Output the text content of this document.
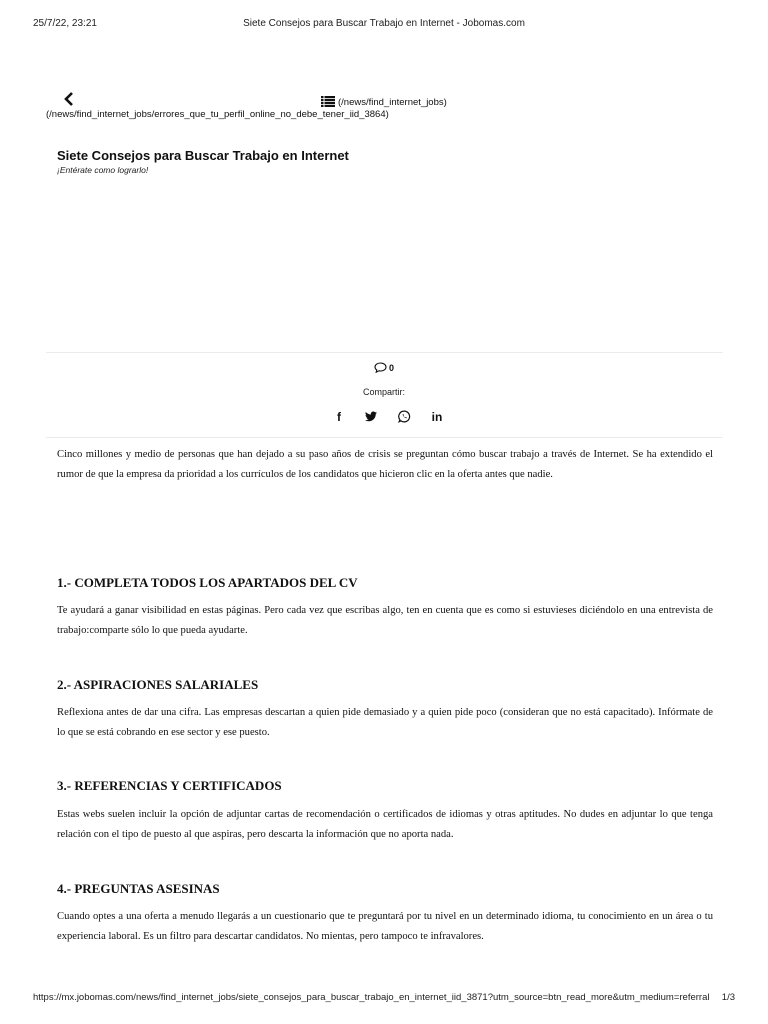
25/7/22, 23:21	Siete Consejos para Buscar Trabajo en Internet - Jobomas.com
(/news/find_internet_jobs/errores_que_tu_perfil_online_no_debe_tener_iid_3864)
(/news/find_internet_jobs)
Siete Consejos para Buscar Trabajo en Internet

¡Entérate como lograrlo!

0
Compartir:
f	in

Cinco millones y medio de personas que han dejado a su paso años de crisis se preguntan cómo buscar trabajo a través de Internet. Se ha extendido el rumor de que la empresa da prioridad a los currículos de los candidatos que hicieron clic en la oferta antes que nadie.

1.- COMPLETA TODOS LOS APARTADOS DEL CV

Te ayudará a ganar visibilidad en estas páginas. Pero cada vez que escribas algo, ten en cuenta que es como si estuvieses diciéndolo en una entrevista de trabajo:comparte sólo lo que pueda ayudarte.

2.- ASPIRACIONES SALARIALES

Reflexiona antes de dar una cifra. Las empresas descartan a quien pide demasiado y a quien pide poco (consideran que no está capacitado). Infórmate de lo que se está cobrando en ese sector y ese puesto.

3.- REFERENCIAS Y CERTIFICADOS

Estas webs suelen incluir la opción de adjuntar cartas de recomendación o certificados de idiomas y otras aptitudes. No dudes en adjuntar lo que tenga relación con el tipo de puesto al que aspiras, pero descarta la información que no aporta nada.

4.- PREGUNTAS ASESINAS

Cuando optes a una oferta a menudo llegarás a un cuestionario que te preguntará por tu nivel en un determinado idioma, tu conocimiento en un área o tu experiencia laboral. Es un filtro para descartar candidatos. No mientas, pero tampoco te infravalores.

https://mx.jobomas.com/news/find_internet_jobs/siete_consejos_para_buscar_trabajo_en_internet_iid_3871?utm_source=btn_read_more&utm_medium=referral	1/3
